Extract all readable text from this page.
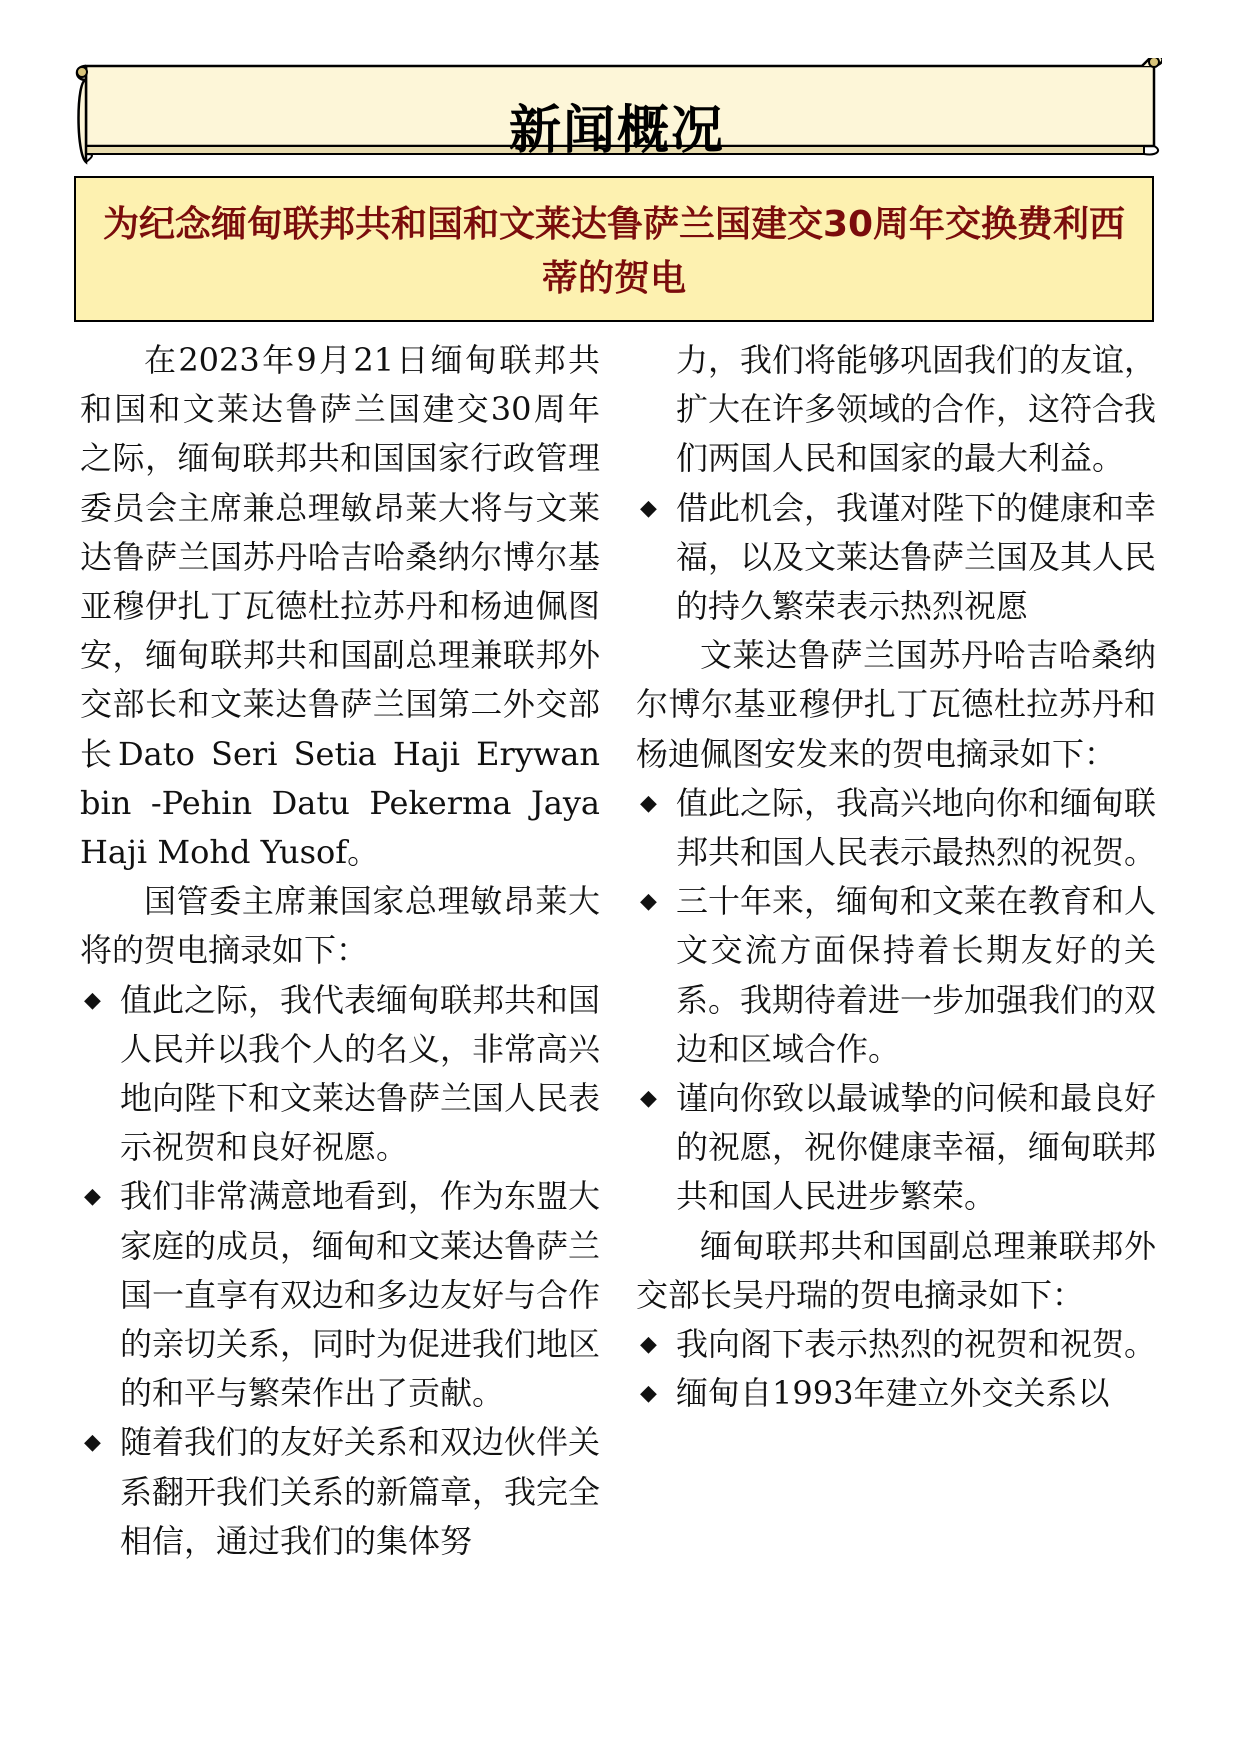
新闻概况
为纪念缅甸联邦共和国和文莱达鲁萨兰国建交30周年交换费利西
蒂的贺电

在2023年9月21日缅甸联邦共和国和文莱达鲁萨兰国建交30周年之际，缅甸联邦共和国国家行政管理委员会主席兼总理敏昂莱大将与文莱达鲁萨兰国苏丹哈吉哈桑纳尔博尔基亚穆伊扎丁瓦德杜拉苏丹和杨迪佩图安，缅甸联邦共和国副总理兼联邦外交部长和文莱达鲁萨兰国第二外交部长Dato Seri Setia Haji Erywan bin -Pehin Datu Pekerma Jaya Haji Mohd Yusof。

国管委主席兼国家总理敏昂莱大将的贺电摘录如下：

◆ 值此之际，我代表缅甸联邦共和国人民并以我个人的名义，非常高兴地向陛下和文莱达鲁萨兰国人民表示祝贺和良好祝愿。
◆ 我们非常满意地看到，作为东盟大家庭的成员，缅甸和文莱达鲁萨兰国一直享有双边和多边友好与合作的亲切关系，同时为促进我们地区的和平与繁荣作出了贡献。
◆ 随着我们的友好关系和双边伙伴关系翻开我们关系的新篇章，我完全相信，通过我们的集体努

力，我们将能够巩固我们的友谊，扩大在许多领域的合作，这符合我们两国人民和国家的最大利益。

◆ 借此机会，我谨对陛下的健康和幸福，以及文莱达鲁萨兰国及其人民的持久繁荣表示热烈祝愿

文莱达鲁萨兰国苏丹哈吉哈桑纳尔博尔基亚穆伊扎丁瓦德杜拉苏丹和杨迪佩图安发来的贺电摘录如下：

◆ 值此之际，我高兴地向你和缅甸联邦共和国人民表示最热烈的祝贺。
◆ 三十年来，缅甸和文莱在教育和人文交流方面保持着长期友好的关系。我期待着进一步加强我们的双边和区域合作。
◆ 谨向你致以最诚挚的问候和最良好的祝愿，祝你健康幸福，缅甸联邦共和国人民进步繁荣。

缅甸联邦共和国副总理兼联邦外交部长吴丹瑞的贺电摘录如下：

◆ 我向阁下表示热烈的祝贺和祝贺。
◆ 缅甸自1993年建立外交关系以
